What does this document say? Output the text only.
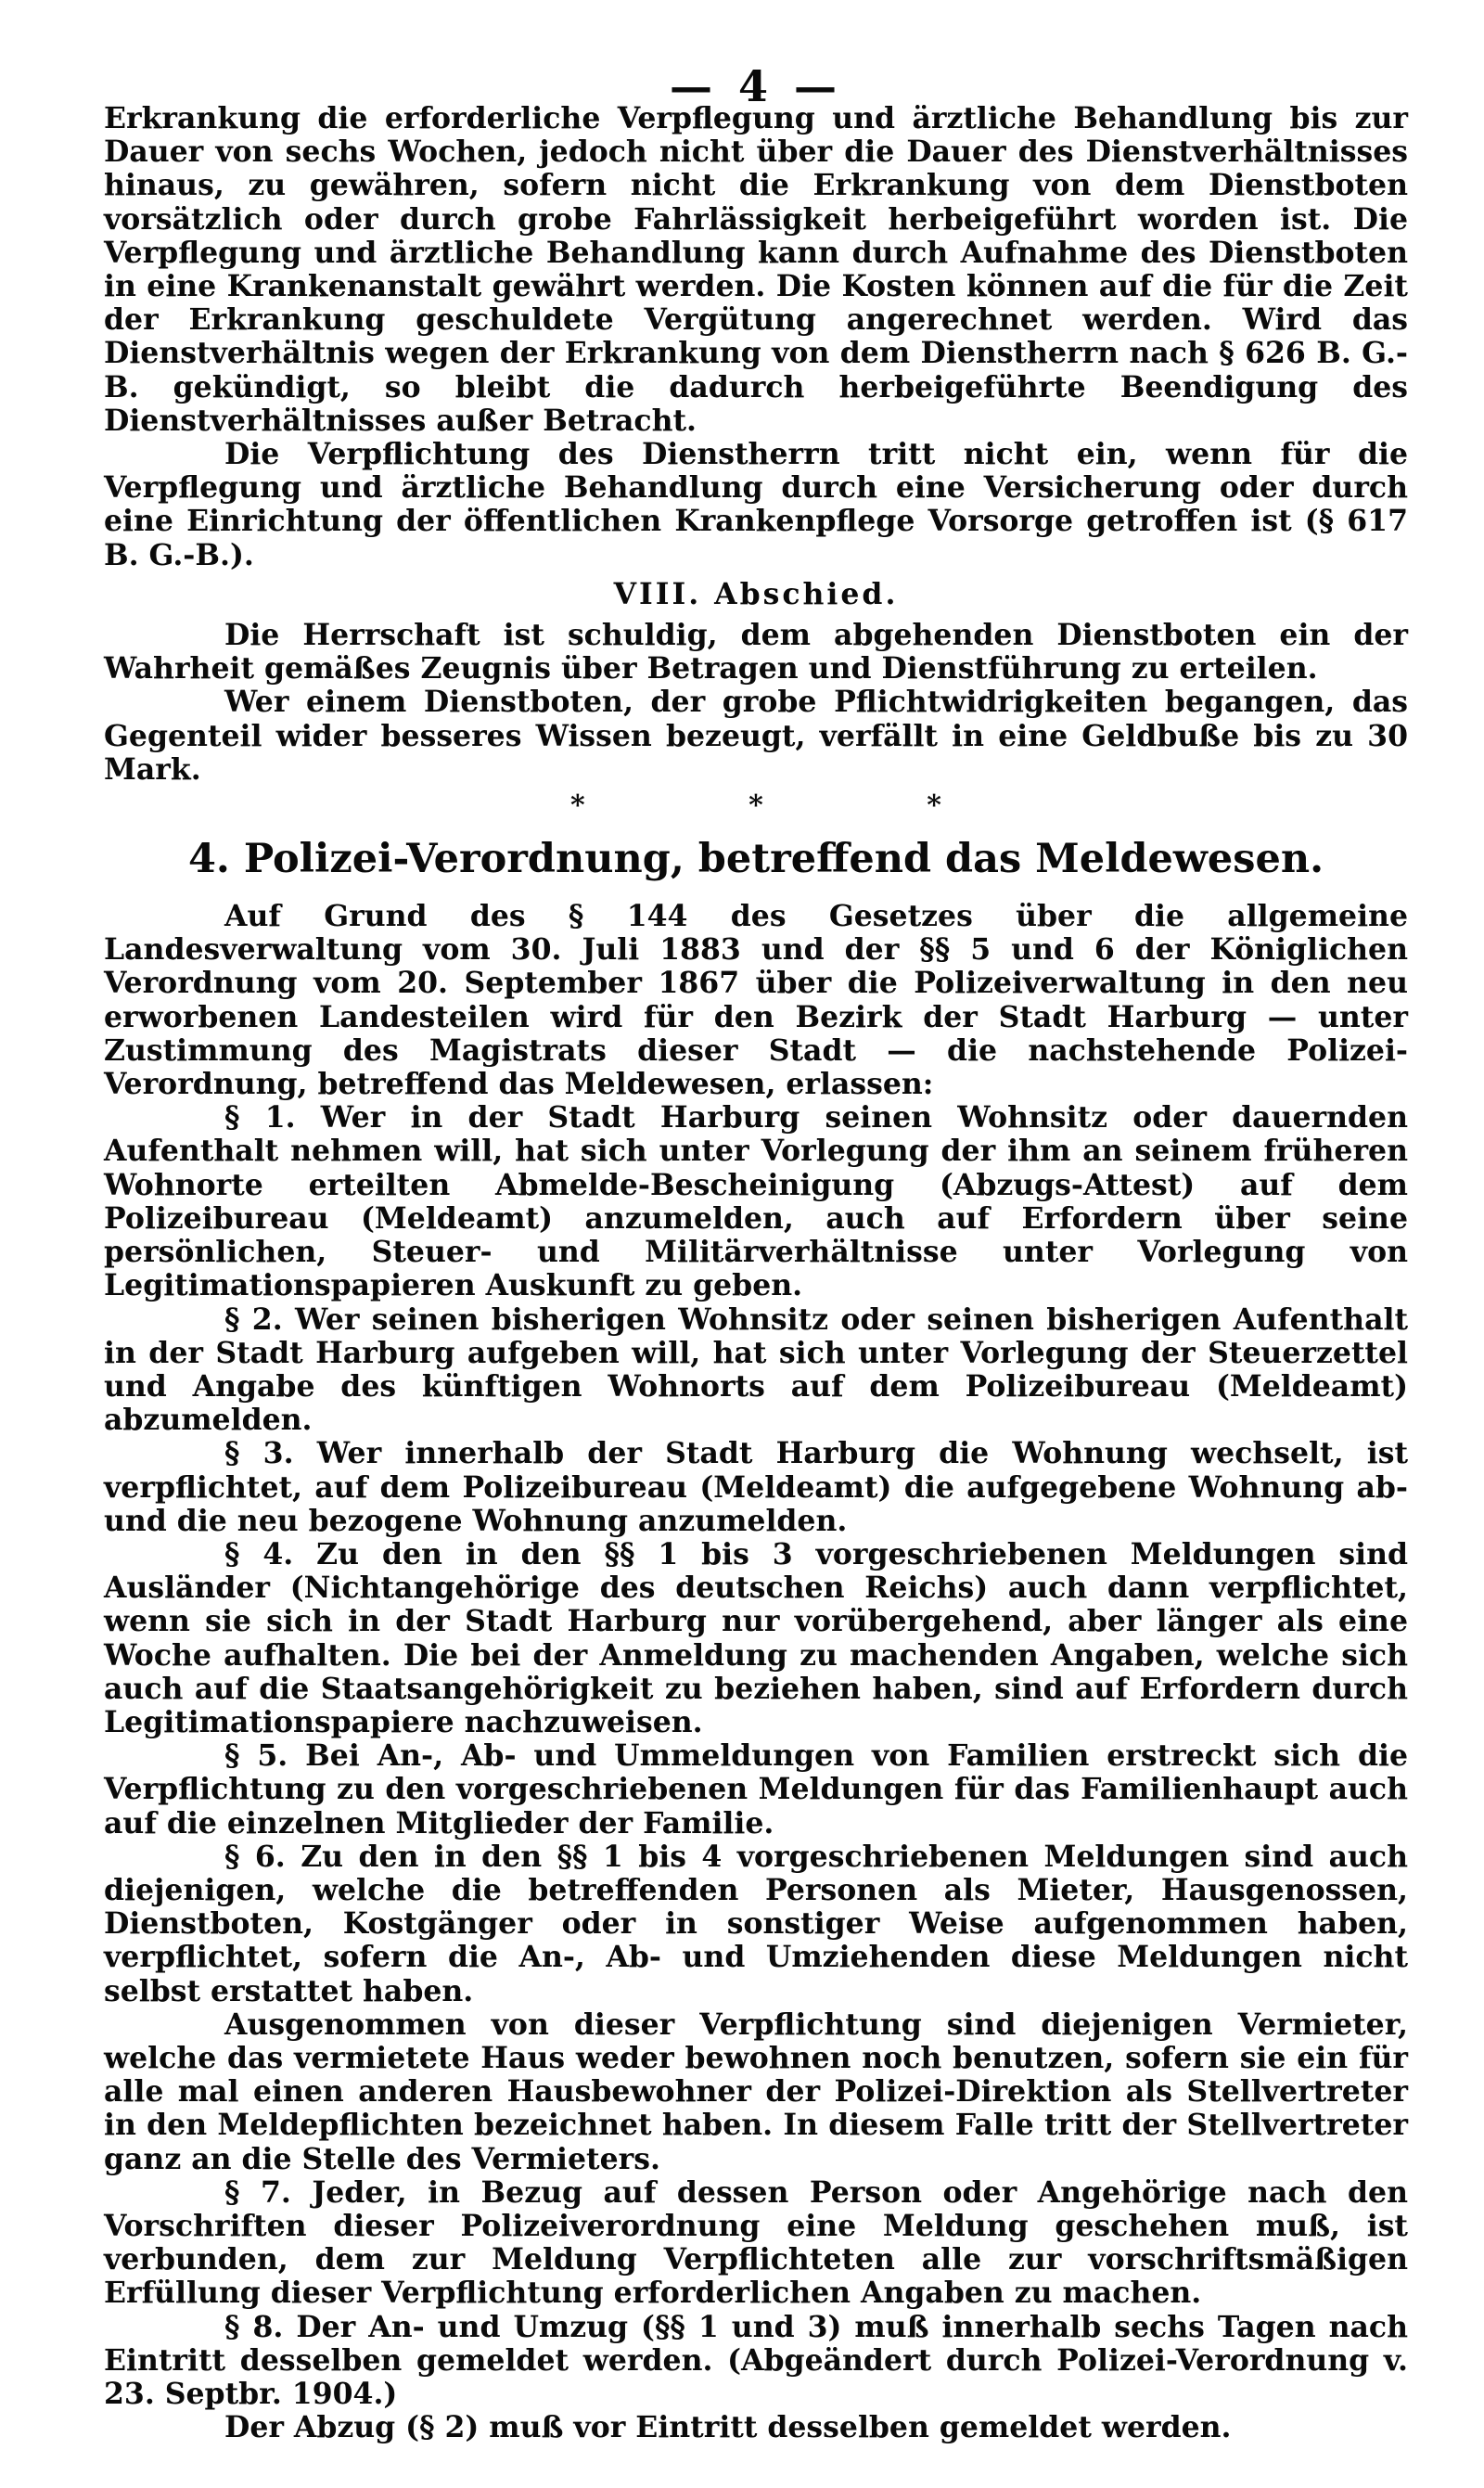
— 4 —

Erkrankung die erforderliche Verpflegung und ärztliche Behandlung bis zur Dauer von sechs Wochen, jedoch nicht über die Dauer des Dienstverhältnisses hinaus, zu gewähren, sofern nicht die Erkrankung von dem Dienstboten vorsätzlich oder durch grobe Fahrlässigkeit herbeigeführt worden ist. Die Verpflegung und ärztliche Behandlung kann durch Aufnahme des Dienstboten in eine Krankenanstalt gewährt werden. Die Kosten können auf die für die Zeit der Erkrankung geschuldete Vergütung angerechnet werden. Wird das Dienstverhältnis wegen der Erkrankung von dem Dienstherrn nach § 626 B. G.-B. gekündigt, so bleibt die dadurch herbeigeführte Beendigung des Dienstverhältnisses außer Betracht.

Die Verpflichtung des Dienstherrn tritt nicht ein, wenn für die Verpflegung und ärztliche Behandlung durch eine Versicherung oder durch eine Einrichtung der öffentlichen Krankenpflege Vorsorge getroffen ist (§ 617 B. G.-B.).

VIII. Abschied.

Die Herrschaft ist schuldig, dem abgehenden Dienstboten ein der Wahrheit gemäßes Zeugnis über Betragen und Dienstführung zu erteilen.

Wer einem Dienstboten, der grobe Pflichtwidrigkeiten begangen, das Gegenteil wider besseres Wissen bezeugt, verfällt in eine Geldbuße bis zu 30 Mark.

*	*	*
4. Polizei-Verordnung, betreffend das Meldewesen.

Auf Grund des § 144 des Gesetzes über die allgemeine Landesverwaltung vom 30. Juli 1883 und der §§ 5 und 6 der Königlichen Verordnung vom 20. September 1867 über die Polizeiverwaltung in den neu erworbenen Landesteilen wird für den Bezirk der Stadt Harburg — unter Zustimmung des Magistrats dieser Stadt — die nachstehende Polizei-Verordnung, betreffend das Meldewesen, erlassen:

§ 1. Wer in der Stadt Harburg seinen Wohnsitz oder dauernden Aufenthalt nehmen will, hat sich unter Vorlegung der ihm an seinem früheren Wohnorte erteilten Abmelde-Bescheinigung (Abzugs-Attest) auf dem Polizeibureau (Meldeamt) anzumelden, auch auf Erfordern über seine persönlichen, Steuer- und Militärverhältnisse unter Vorlegung von Legitimationspapieren Auskunft zu geben.

§ 2. Wer seinen bisherigen Wohnsitz oder seinen bisherigen Aufenthalt in der Stadt Harburg aufgeben will, hat sich unter Vorlegung der Steuerzettel und Angabe des künftigen Wohnorts auf dem Polizeibureau (Meldeamt) abzumelden.

§ 3. Wer innerhalb der Stadt Harburg die Wohnung wechselt, ist verpflichtet, auf dem Polizeibureau (Meldeamt) die aufgegebene Wohnung ab- und die neu bezogene Wohnung anzumelden.

§ 4. Zu den in den §§ 1 bis 3 vorgeschriebenen Meldungen sind Ausländer (Nichtangehörige des deutschen Reichs) auch dann verpflichtet, wenn sie sich in der Stadt Harburg nur vorübergehend, aber länger als eine Woche aufhalten. Die bei der Anmeldung zu machenden Angaben, welche sich auch auf die Staatsangehörigkeit zu beziehen haben, sind auf Erfordern durch Legitimationspapiere nachzuweisen.

§ 5. Bei An-, Ab- und Ummeldungen von Familien erstreckt sich die Verpflichtung zu den vorgeschriebenen Meldungen für das Familienhaupt auch auf die einzelnen Mitglieder der Familie.

§ 6. Zu den in den §§ 1 bis 4 vorgeschriebenen Meldungen sind auch diejenigen, welche die betreffenden Personen als Mieter, Hausgenossen, Dienstboten, Kostgänger oder in sonstiger Weise aufgenommen haben, verpflichtet, sofern die An-, Ab- und Umziehenden diese Meldungen nicht selbst erstattet haben.

Ausgenommen von dieser Verpflichtung sind diejenigen Vermieter, welche das vermietete Haus weder bewohnen noch benutzen, sofern sie ein für alle mal einen anderen Hausbewohner der Polizei-Direktion als Stellvertreter in den Meldepflichten bezeichnet haben. In diesem Falle tritt der Stellvertreter ganz an die Stelle des Vermieters.

§ 7. Jeder, in Bezug auf dessen Person oder Angehörige nach den Vorschriften dieser Polizeiverordnung eine Meldung geschehen muß, ist verbunden, dem zur Meldung Verpflichteten alle zur vorschriftsmäßigen Erfüllung dieser Verpflichtung erforderlichen Angaben zu machen.

§ 8. Der An- und Umzug (§§ 1 und 3) muß innerhalb sechs Tagen nach Eintritt desselben gemeldet werden. (Abgeändert durch Polizei-Verordnung v. 23. Septbr. 1904.)

Der Abzug (§ 2) muß vor Eintritt desselben gemeldet werden.
